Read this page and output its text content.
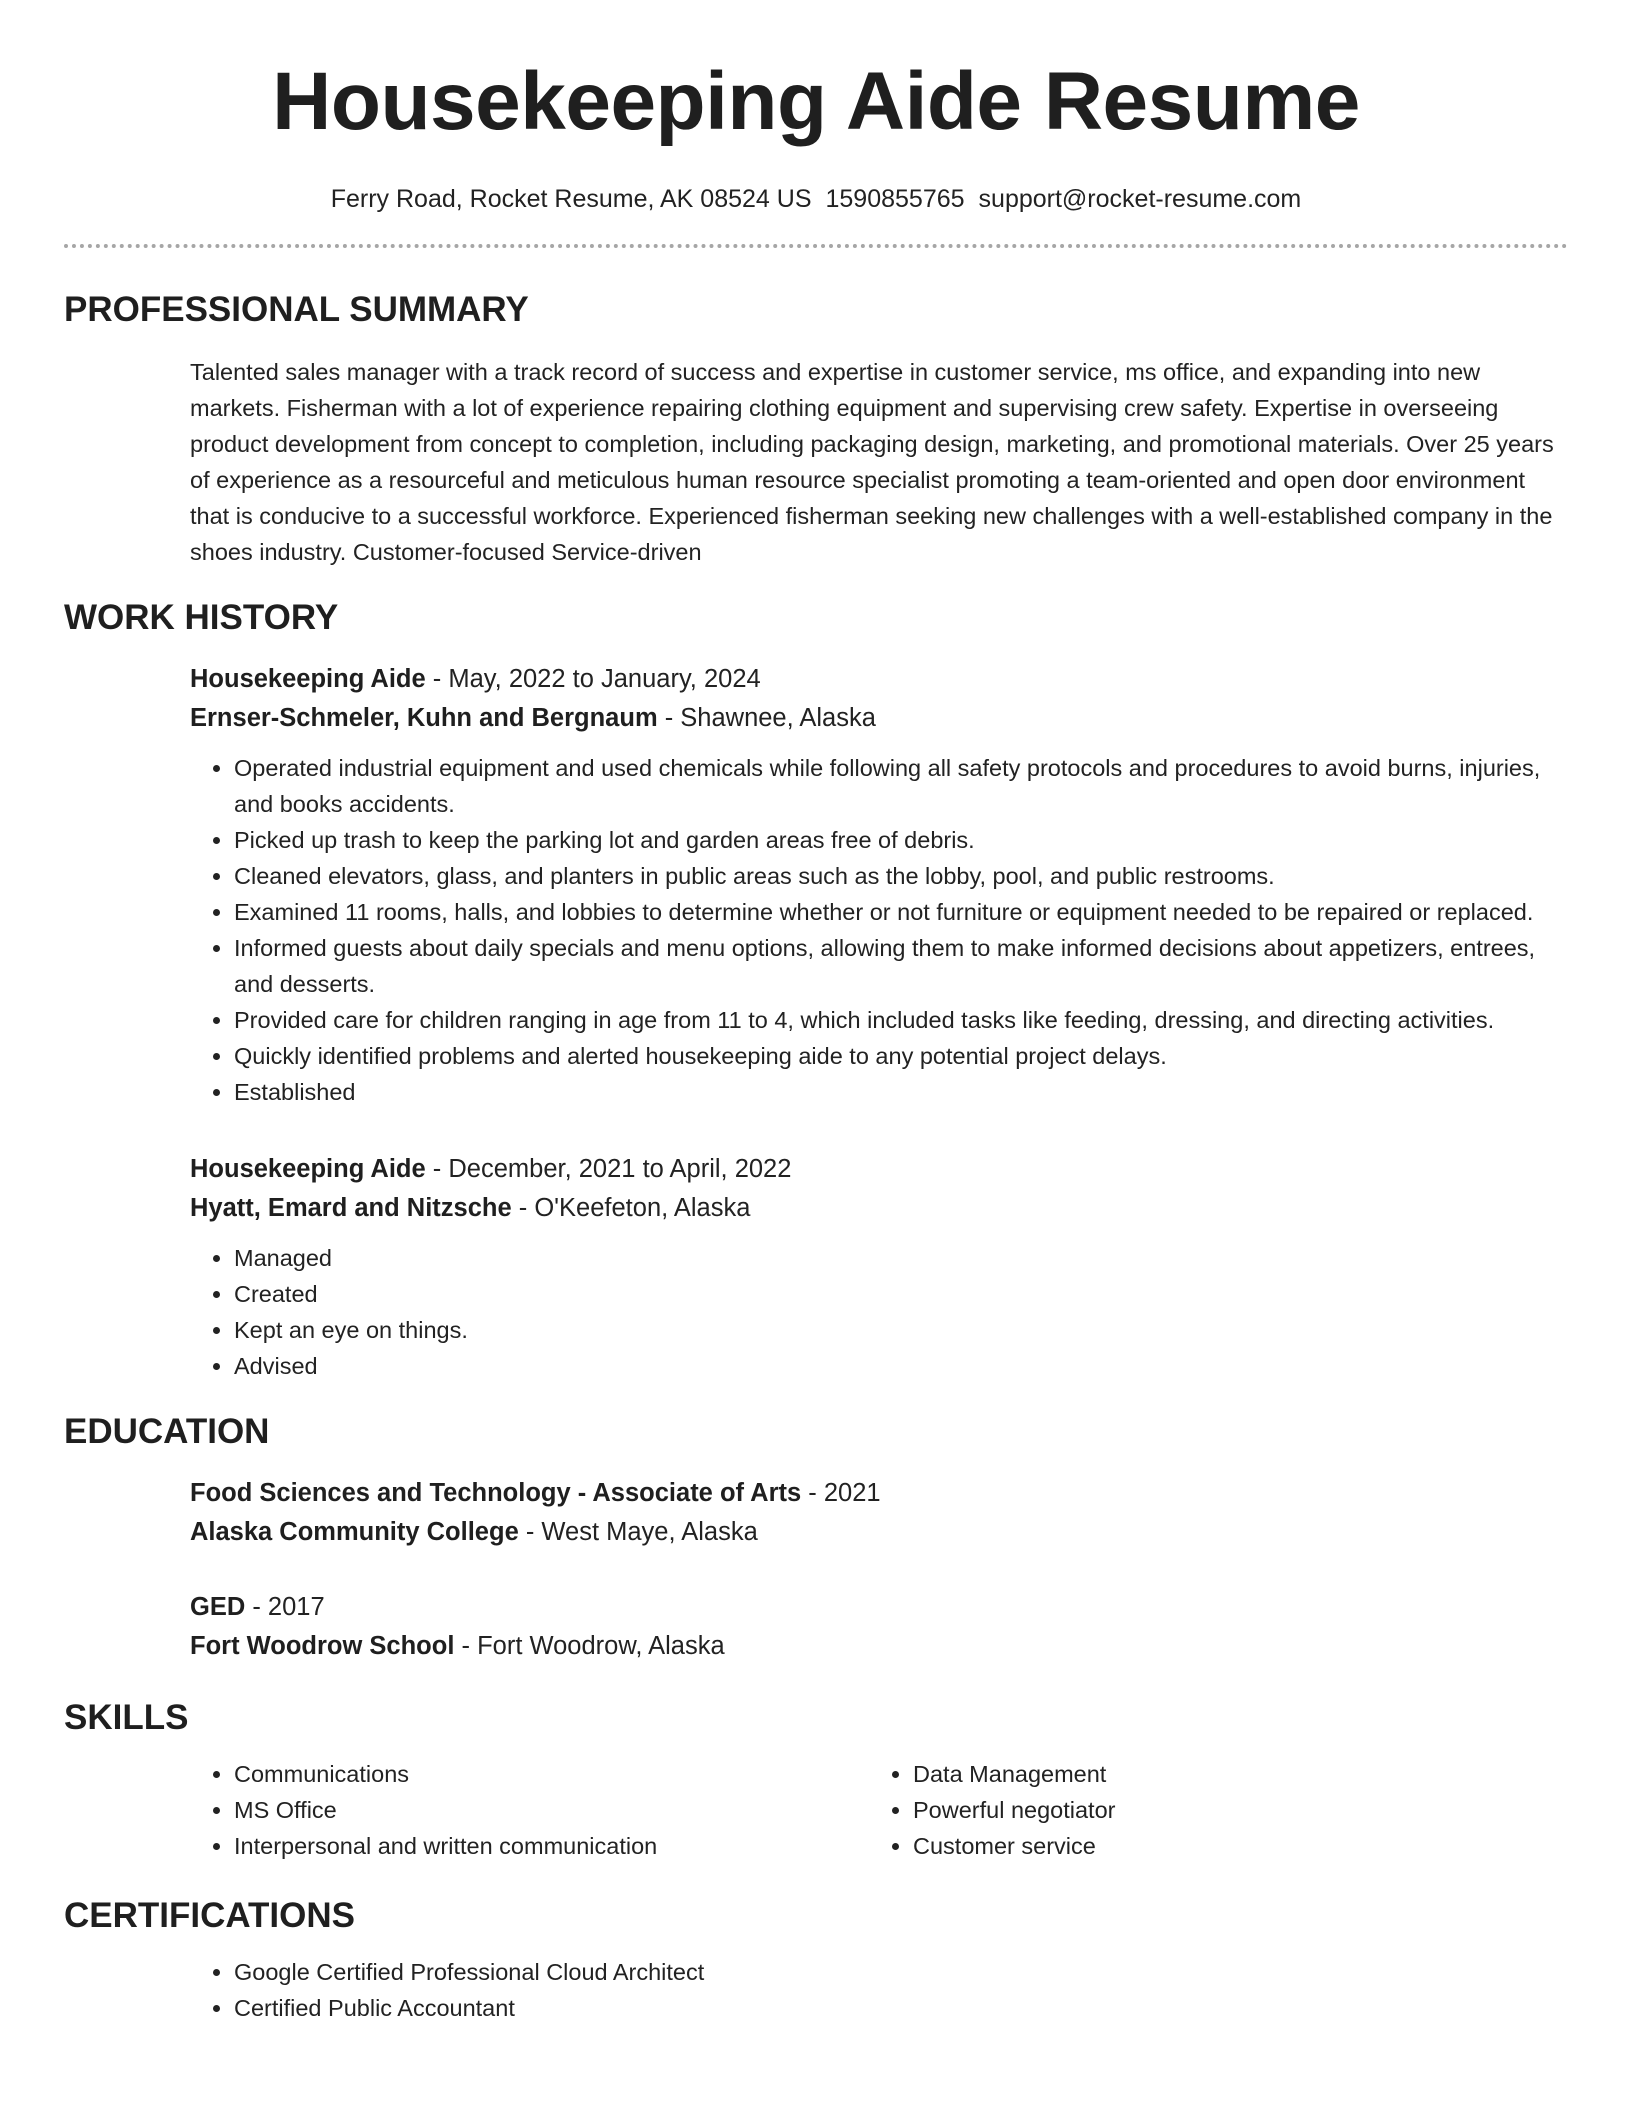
Housekeeping Aide Resume
Ferry Road, Rocket Resume, AK 08524 US 1590855765 support@rocket-resume.com
PROFESSIONAL SUMMARY
Talented sales manager with a track record of success and expertise in customer service, ms office, and expanding into new markets. Fisherman with a lot of experience repairing clothing equipment and supervising crew safety. Expertise in overseeing product development from concept to completion, including packaging design, marketing, and promotional materials. Over 25 years of experience as a resourceful and meticulous human resource specialist promoting a team-oriented and open door environment that is conducive to a successful workforce. Experienced fisherman seeking new challenges with a well-established company in the shoes industry. Customer-focused Service-driven
WORK HISTORY
Housekeeping Aide - May, 2022 to January, 2024
Ernser-Schmeler, Kuhn and Bergnaum - Shawnee, Alaska
• Operated industrial equipment and used chemicals while following all safety protocols and procedures to avoid burns, injuries, and books accidents.
• Picked up trash to keep the parking lot and garden areas free of debris.
• Cleaned elevators, glass, and planters in public areas such as the lobby, pool, and public restrooms.
• Examined 11 rooms, halls, and lobbies to determine whether or not furniture or equipment needed to be repaired or replaced.
• Informed guests about daily specials and menu options, allowing them to make informed decisions about appetizers, entrees, and desserts.
• Provided care for children ranging in age from 11 to 4, which included tasks like feeding, dressing, and directing activities.
• Quickly identified problems and alerted housekeeping aide to any potential project delays.
• Established
Housekeeping Aide - December, 2021 to April, 2022
Hyatt, Emard and Nitzsche - O'Keefeton, Alaska
• Managed
• Created
• Kept an eye on things.
• Advised
EDUCATION
Food Sciences and Technology - Associate of Arts - 2021
Alaska Community College - West Maye, Alaska
GED - 2017
Fort Woodrow School - Fort Woodrow, Alaska
SKILLS
• Communications
• MS Office
• Interpersonal and written communication
• Data Management
• Powerful negotiator
• Customer service
CERTIFICATIONS
• Google Certified Professional Cloud Architect
• Certified Public Accountant
